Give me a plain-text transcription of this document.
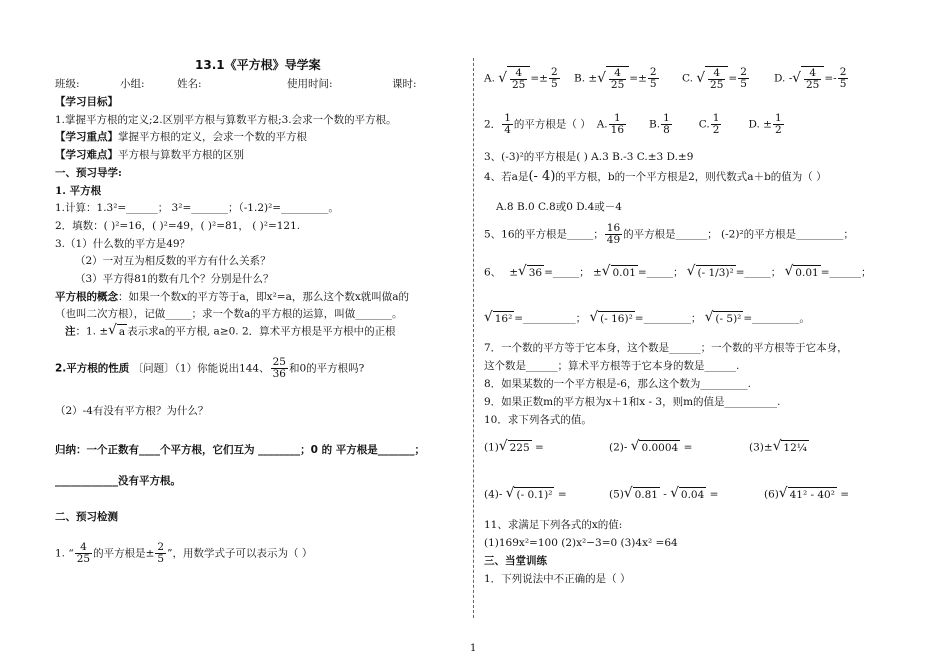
13.1《平方根》导学案
班级:	小组:	姓名:	使用时间:	课时:
【学习目标】
1.掌握平方根的定义;2.区别平方根与算数平方根;3.会求一个数的平方根。
【学习重点】掌握平方根的定义，会求一个数的平方根
【学习难点】平方根与算数平方根的区别
一、预习导学:
1. 平方根
1.计算：1.3²=______； 3²=_______；（-1.2)²=_________。
2．填数：( )²=16，( )²=49，( )²=81， ( )²=121.
3.（1）什么数的平方是49？
（2）一对互为相反数的平方有什么关系？
（3）平方得81的数有几个？分别是什么？
平方根的概念：如果一个数x的平方等于a，即x²=a，那么这个数x就叫做a的
（也叫二次方根），记做_____；求一个数a的平方根的运算，叫做_______。
注：1. ±√ a 表示求a的平方根, a≥0. 2．算术平方根是平方根中的正根
2.平方根的性质 〔问题〕（1）你能说出144、 $\frac{25}{36}$ 和0的平方根吗?
（2）-4有没有平方根？为什么？
归纳：一个正数有____个平方根，它们互为 ________；0 的 平方根是_______；
____________没有平方根。
二、预习检测
1. “ $\frac{4}{25}$ 的平方根是± $\frac{2}{5}$ ”，用数学式子可以表示为（ ）
A. √ $\frac{4}{25} =\pm \frac{2}{5} B$. ±√ $\frac{4}{25} =\pm \frac{2}{5} C$. √ $\frac{4}{25} = \frac{2}{5} D$. -√ $\frac{4}{25} =- \frac{2}{5}$
2． $\frac{1}{4}$ 的平方根是（ ） A. $\frac{1}{16} B$. $\frac{1}{8}$	C. $\frac{1}{2}$	D. ± $\frac{1}{2}$
3、(-3)²的平方根是( ) A.3 B.-3 C.±3 D.±9
4、若a是(- 4)的平方根，b的一个平方根是2，则代数式a＋b的值为（ ）
A.8 B.0 C.8或0 D.4或－4
5、16的平方根是_____； $\frac{16}{49}$ 的平方根是______； (-2)²的平方根是_________；
6、 ±√ 36 =_____； ±√ 0.01 =_____； √ (- 1/3)² =_____； √ 0.01 =______；
√ 16² =__________； √ (- 16)² =_________； √ (- 5)² =_________。
7．一个数的平方等于它本身，这个数是______；一个数的平方根等于它本身，
这个数是______；算术平方根等于它本身的数是______.
8．如果某数的一个平方根是-6，那么这个数为_________.
9．如果正数m的平方根为x＋1和x - 3，则m的值是__________.
10．求下列各式的值。
(1)√ 225 =	(2)- √ 0.0004 =	(3)±√ 12¼
(4)- √ (- 0.1)² =	(5)√ 0.81 - √ 0.04 =	(6)√ 41² - 40² =
11、求满足下列各式的x的值:
(1)169x²=100 (2)x²−3=0 (3)4x² =64
三、当堂训练
1．下列说法中不正确的是（ ）
1
